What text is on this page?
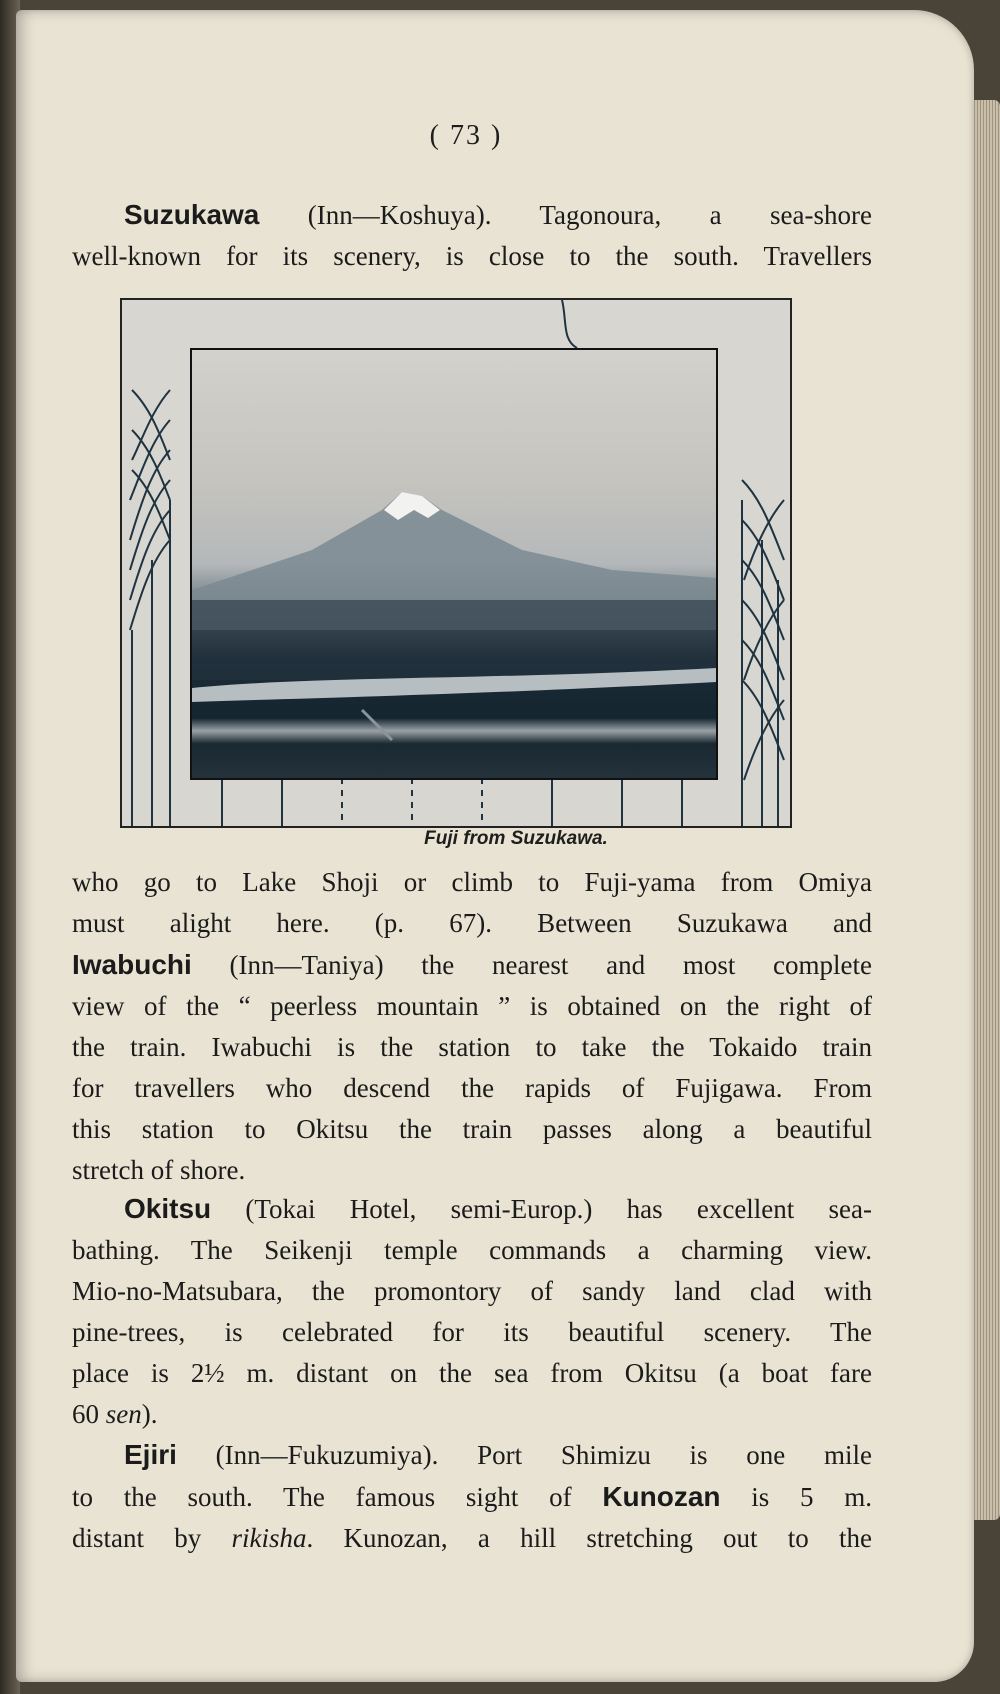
( 73 )
Suzukawa (Inn—Koshuya). Tagonoura, a sea-shore
well-known for its scenery, is close to the south. Travellers
Fuji from Suzukawa.
who go to Lake Shoji or climb to Fuji-yama from Omiya
must alight here. (p. 67). Between Suzukawa and
Iwabuchi (Inn—Taniya) the nearest and most complete
view of the “ peerless mountain ” is obtained on the right of
the train. Iwabuchi is the station to take the Tokaido train
for travellers who descend the rapids of Fujigawa. From
this station to Okitsu the train passes along a beautiful
stretch of shore.
Okitsu (Tokai Hotel, semi-Europ.) has excellent sea-
bathing. The Seikenji temple commands a charming view.
Mio-no-Matsubara, the promontory of sandy land clad with
pine-trees, is celebrated for its beautiful scenery. The
place is 2½ m. distant on the sea from Okitsu (a boat fare
60 sen).
Ejiri (Inn—Fukuzumiya). Port Shimizu is one mile
to the south. The famous sight of Kunozan is 5 m.
distant by rikisha. Kunozan, a hill stretching out to the
